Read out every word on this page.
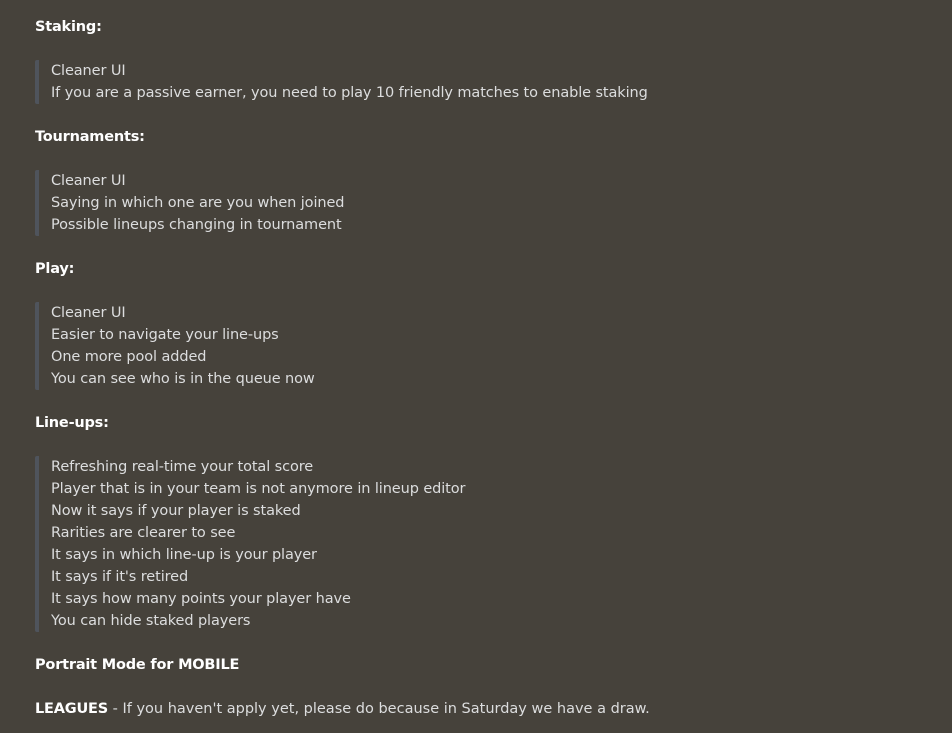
Staking:
Cleaner UI
If you are a passive earner, you need to play 10 friendly matches to enable staking
Tournaments:
Cleaner UI
Saying in which one are you when joined
Possible lineups changing in tournament
Play:
Cleaner UI
Easier to navigate your line-ups
One more pool added
You can see who is in the queue now
Line-ups:
Refreshing real-time your total score
Player that is in your team is not anymore in lineup editor
Now it says if your player is staked
Rarities are clearer to see
It says in which line-up is your player
It says if it's retired
It says how many points your player have
You can hide staked players
Portrait Mode for MOBILE
LEAGUES - If you haven't apply yet, please do because in Saturday we have a draw.
